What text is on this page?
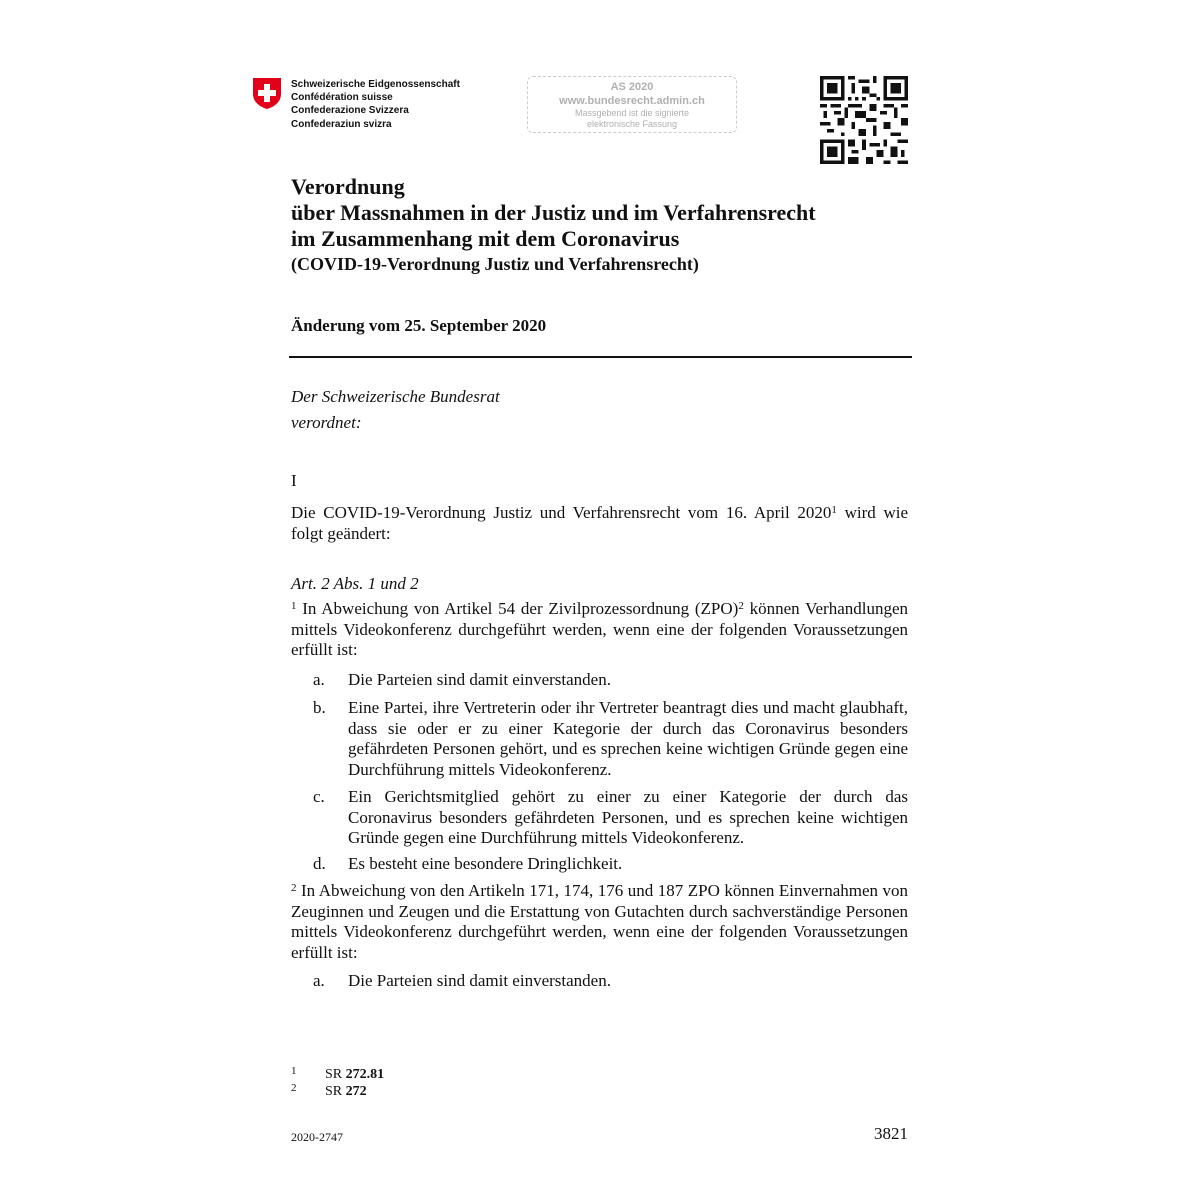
Schweizerische Eidgenossenschaft
Confédération suisse
Confederazione Svizzera
Confederaziun svizra
AS 2020
www.bundesrecht.admin.ch
Massgebend ist die signierte
elektronische Fassung
Verordnung
über Massnahmen in der Justiz und im Verfahrensrecht
im Zusammenhang mit dem Coronavirus
(COVID-19-Verordnung Justiz und Verfahrensrecht)
Änderung vom 25. September 2020
Der Schweizerische Bundesrat
verordnet:
I
Die COVID-19-Verordnung Justiz und Verfahrensrecht vom 16. April 2020$^1$ wird wie folgt geändert:
Art. 2 Abs. 1 und 2
$^1$ In Abweichung von Artikel 54 der Zivilprozessordnung (ZPO)$^2$ können Verhandlungen mittels Videokonferenz durchgeführt werden, wenn eine der folgenden Voraussetzungen erfüllt ist:
a. Die Parteien sind damit einverstanden.
b. Eine Partei, ihre Vertreterin oder ihr Vertreter beantragt dies und macht glaubhaft, dass sie oder er zu einer Kategorie der durch das Coronavirus besonders gefährdeten Personen gehört, und es sprechen keine wichtigen Gründe gegen eine Durchführung mittels Videokonferenz.
c. Ein Gerichtsmitglied gehört zu einer zu einer Kategorie der durch das Coronavirus besonders gefährdeten Personen, und es sprechen keine wichtigen Gründe gegen eine Durchführung mittels Videokonferenz.
d. Es besteht eine besondere Dringlichkeit.
$^2$ In Abweichung von den Artikeln 171, 174, 176 und 187 ZPO können Einvernahmen von Zeuginnen und Zeugen und die Erstattung von Gutachten durch sachverständige Personen mittels Videokonferenz durchgeführt werden, wenn eine der folgenden Voraussetzungen erfüllt ist:
a. Die Parteien sind damit einverstanden.
1 SR 272.81
2 SR 272
2020-2747	3821
